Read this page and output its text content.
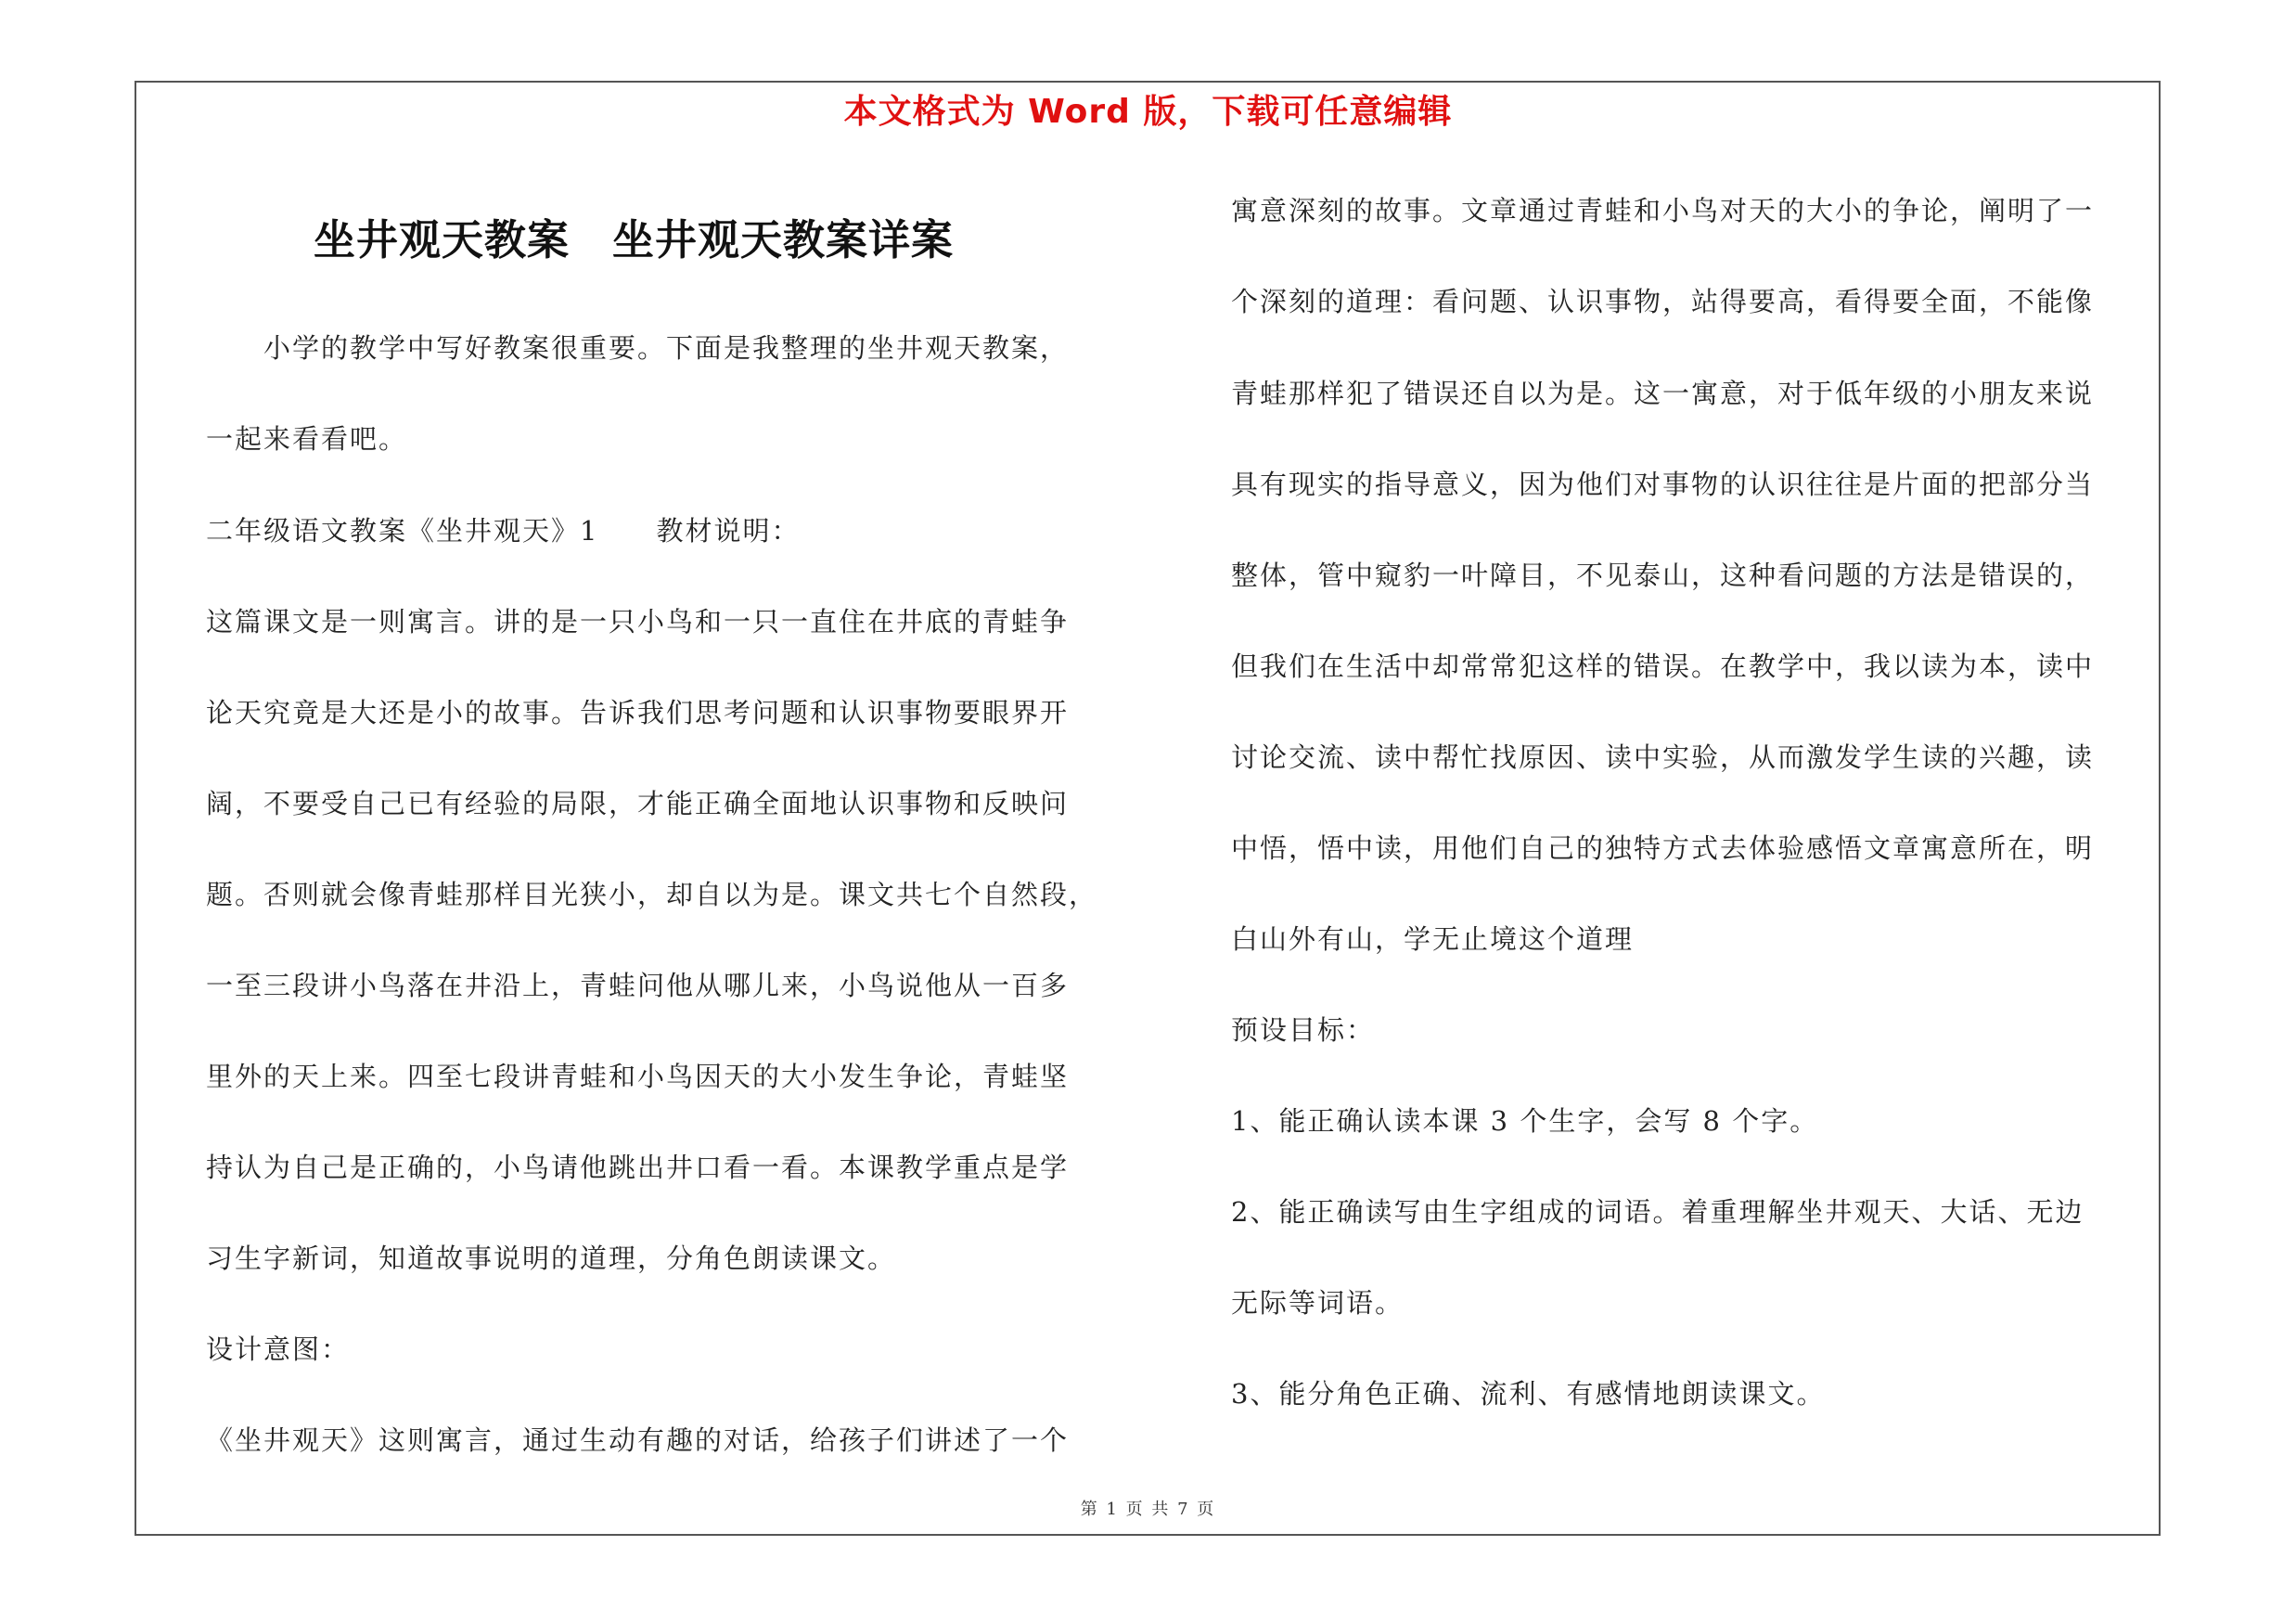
本文格式为 Word 版，下载可任意编辑
坐井观天教案　坐井观天教案详案
　　小学的教学中写好教案很重要。下面是我整理的坐井观天教案，
一起来看看吧。
二年级语文教案《坐井观天》1　　教材说明：
这篇课文是一则寓言。讲的是一只小鸟和一只一直住在井底的青蛙争
论天究竟是大还是小的故事。告诉我们思考问题和认识事物要眼界开
阔，不要受自己已有经验的局限，才能正确全面地认识事物和反映问
题。否则就会像青蛙那样目光狭小，却自以为是。课文共七个自然段，
一至三段讲小鸟落在井沿上，青蛙问他从哪儿来，小鸟说他从一百多
里外的天上来。四至七段讲青蛙和小鸟因天的大小发生争论，青蛙坚
持认为自己是正确的，小鸟请他跳出井口看一看。本课教学重点是学
习生字新词，知道故事说明的道理，分角色朗读课文。
设计意图：
《坐井观天》这则寓言，通过生动有趣的对话，给孩子们讲述了一个
寓意深刻的故事。文章通过青蛙和小鸟对天的大小的争论，阐明了一
个深刻的道理：看问题、认识事物，站得要高，看得要全面，不能像
青蛙那样犯了错误还自以为是。这一寓意，对于低年级的小朋友来说
具有现实的指导意义，因为他们对事物的认识往往是片面的把部分当
整体，管中窥豹一叶障目，不见泰山，这种看问题的方法是错误的，
但我们在生活中却常常犯这样的错误。在教学中，我以读为本，读中
讨论交流、读中帮忙找原因、读中实验，从而激发学生读的兴趣，读
中悟，悟中读，用他们自己的独特方式去体验感悟文章寓意所在，明
白山外有山，学无止境这个道理
预设目标：
1、能正确认读本课 3 个生字，会写 8 个字。
2、能正确读写由生字组成的词语。着重理解坐井观天、大话、无边
无际等词语。
3、能分角色正确、流利、有感情地朗读课文。
第 1 页 共 7 页
